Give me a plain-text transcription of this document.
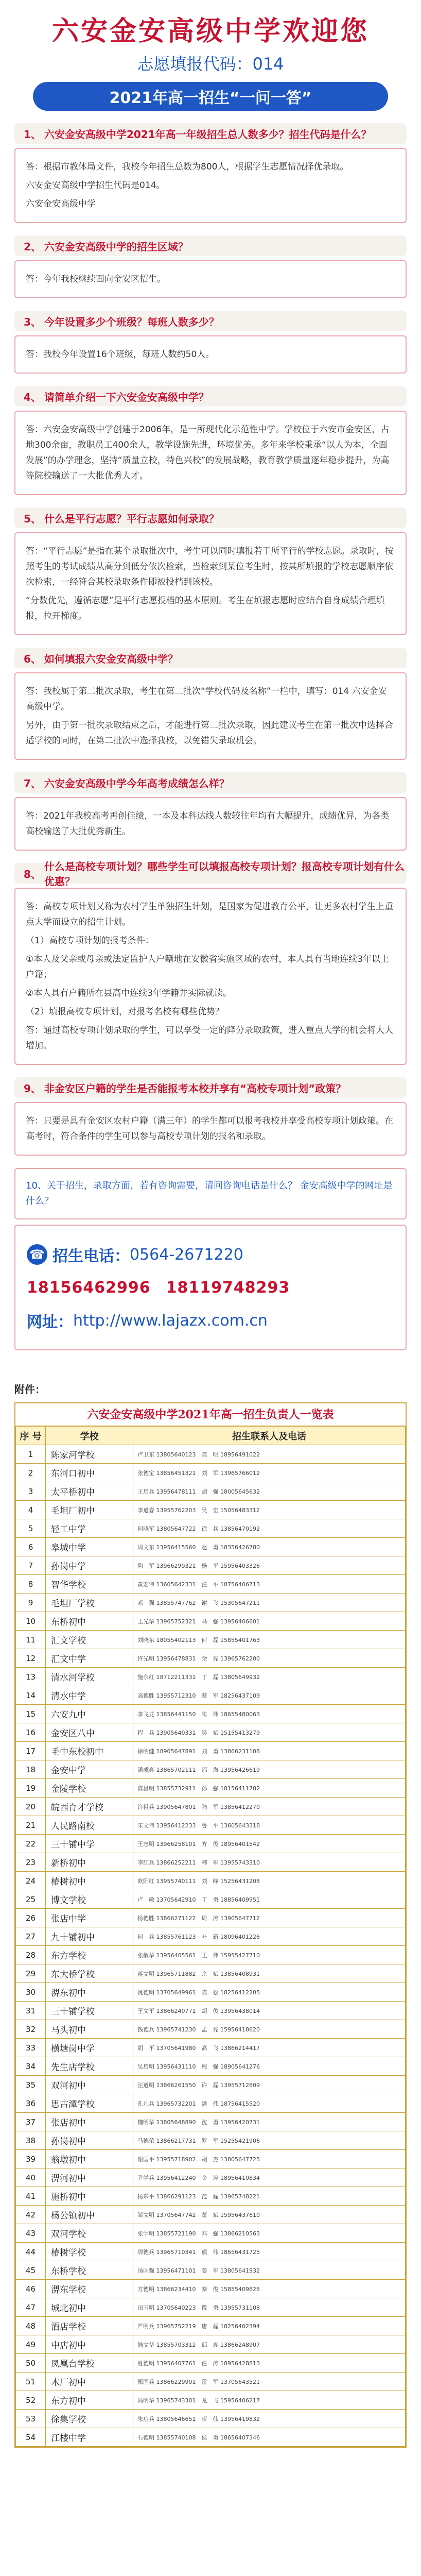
六安金安高级中学欢迎您
志愿填报代码：014
2021年高一招生“一问一答”
1、 六安金安高级中学2021年高一年级招生总人数多少？招生代码是什么？

答：根据市教体局文件，我校今年招生总数为800人，根据学生志愿情况择优录取。

六安金安高级中学招生代码是014。

六安金安高级中学

2、 六安金安高级中学的招生区域？

答：今年我校继续面向金安区招生。

3、 今年设置多少个班级？每班人数多少？

答：我校今年设置16个班级，每班人数约50人。

4、 请简单介绍一下六安金安高级中学？

答：六安金安高级中学创建于2006年，是一所现代化示范性中学。学校位于六安市金安区，占地300余亩，教职员工400余人，教学设施先进，环境优美。多年来学校秉承“以人为本，全面发展”的办学理念，坚持“质量立校，特色兴校”的发展战略，教育教学质量逐年稳步提升，为高等院校输送了一大批优秀人才。

5、 什么是平行志愿？平行志愿如何录取？

答：“平行志愿”是指在某个录取批次中，考生可以同时填报若干所平行的学校志愿。录取时，按照考生的考试成绩从高分到低分依次检索，当检索到某位考生时，按其所填报的学校志愿顺序依次检索，一经符合某校录取条件即被投档到该校。

“分数优先，遵循志愿”是平行志愿投档的基本原则。考生在填报志愿时应结合自身成绩合理填报，拉开梯度。

6、 如何填报六安金安高级中学？

答：我校属于第二批次录取，考生在第二批次“学校代码及名称”一栏中，填写：014 六安金安高级中学。

另外，由于第一批次录取结束之后，才能进行第二批次录取，因此建议考生在第一批次中选择合适学校的同时，在第二批次中选择我校，以免错失录取机会。

7、 六安金安高级中学今年高考成绩怎么样？

答：2021年我校高考再创佳绩，一本及本科达线人数较往年均有大幅提升，成绩优异，为各类高校输送了大批优秀新生。

8、
什么是高校专项计划？哪些学生可以填报高校专项计划？报高校专项计划有什么优惠？

答：高校专项计划又称为农村学生单独招生计划，是国家为促进教育公平，让更多农村学生上重点大学而设立的招生计划。

（1）高校专项计划的报考条件：

①本人及父亲或母亲或法定监护人户籍地在安徽省实施区域的农村，本人具有当地连续3年以上户籍；

②本人具有户籍所在县高中连续3年学籍并实际就读。

（2）填报高校专项计划，对报考名校有哪些优势？

答：通过高校专项计划录取的学生，可以享受一定的降分录取政策，进入重点大学的机会将大大增加。

9、 非金安区户籍的学生是否能报考本校并享有“高校专项计划”政策？

答：只要是具有金安区农村户籍（满三年）的学生都可以报考我校并享受高校专项计划政策。在高考时，符合条件的学生可以参与高校专项计划的报名和录取。

10、关于招生，录取方面，若有咨询需要，请问咨询电话是什么？ 金安高级中学的网址是什么？
☎ 招生电话： 0564-2671220
18156462996 18119748293
网址： http://www.lajazx.com.cn
附件：
六安金安高级中学2021年高一招生负责人一览表
序 号	学校	招生联系人及电话
1	陈家河学校	卢卫东 13805640123　陈　明 18956491022
2	东河口初中	张德宝 13856451321　刘　军 13965766012
3	太平桥初中	王启兵 13956478111　胡　强 18005645632
4	毛坦厂初中	李道春 13955762203　吴　宏 15056483312
5	轻工中学	何晓军 13805647722　徐　兵 13856470192
6	皋城中学	周文东 13956415560　赵　勇 18356426780
7	孙岗中学	陶　军 13966299321　杨　平 15956403326
8	智华学校	黄宏伟 13605642331　汪　平 18756406713
9	毛坦厂学校	邓　强 13855747762　谢　飞 15305647211
10	东桥初中	王光华 13965752321　马　强 13956406601
11	汇文学校	刘晓东 18055402113　何　磊 15855401763
12	汇文中学	许光明 13956478831　余　亮 13965762200
13	清水河学校	施永红 18712211331　丁　磊 13805649932
14	清水中学	高德胜 13955712310　蔡　军 18256437109
15	六安九中	李飞龙 13856441150　朱　伟 18655480063
16	金安区八中	程　兵 13905640331　吴　斌 15155413279
17	毛中东校初中	徐明健 18905647891　刘　勇 13866231108
18	金安中学	潘成亮 13865702111　邵　海 13956426619
19	金陵学校	陈昌明 13855732911　孙　强 18156411782
20	皖西育才学校	许祖兵 13905647801　陆　军 13856412270
21	人民路南校	宋文伟 13956412233　鲁　平 13605643318
22	三十铺中学	王志明 13966258101　方　俊 18956401542
23	新桥初中	李红兵 13866252211　韩　军 13955743310
24	椿树初中	欧阳红 13955740111　刘　峰 15256431208
25	博文学校	卢　敏 13705642910　丁　勇 18856409951
26	张店中学	杨德胜 13866271122　周　涛 13905647712
27	九十铺初中	何　兵 13855761123　叶　新 18096401226
28	东方学校	张敏华 13956405561　王　伟 15955427710
29	东大桥学校	蒋文明 13965711882　余　斌 13856408931
30	淠东初中	姚德明 13705649961　陈　松 18256412205
31	三十铺学校	王文平 13866240771　胡　俊 13956438014
32	马头初中	钱德兵 13965741230　孟　亮 15956418620
33	横塘岗中学	胡　平 13705641980　高　飞 13866214417
34	先生店学校	吴启明 13956431110　程　强 18905641276
35	双河初中	汪道明 13866261550　许　磊 13955712809
36	思古潭学校	孔凡兵 13965732201　潘　伟 18756415520
37	张店初中	魏明华 13805648890　沈　勇 13956420731
38	孙岗初中	马德荣 13866217731　罗　军 15255421906
39	翁墩初中	谢国平 13955718902　胡　杰 13805647725
40	淠河初中	尹学兵 13956412240　金　涛 18956410834
41	施桥初中	杨东平 13866291123　范　磊 13965748221
42	杨公镇初中	邹文明 13705647742　董　斌 15956437610
43	双河学校	张学明 13855721190　邓　强 13866210563
44	椿树学校	周德兵 13965710341　熊　伟 18656431725
45	东桥学校	汤国强 13956471101　姜　军 13805641932
46	淠东学校	方德明 13866234410　秦　俊 15855409826
47	城北初中	田玉明 13705640223　段　勇 13955731108
48	酒店学校	严明兵 13965752219　唐　磊 18256402394
49	中店初中	陆文华 13855703312　邱　亮 13866248907
50	凤凰台学校	夏德明 13956407761　任　涛 18956428813
51	木厂初中	郑国兵 13866229901　雷　军 13705643521
52	东方初中	冯明华 13965743301　龙　飞 15956406217
53	徐集学校	朱启兵 13805646651　贺　伟 13956419832
54	江楼中学	石德明 13855740108　侯　勇 18656407346
